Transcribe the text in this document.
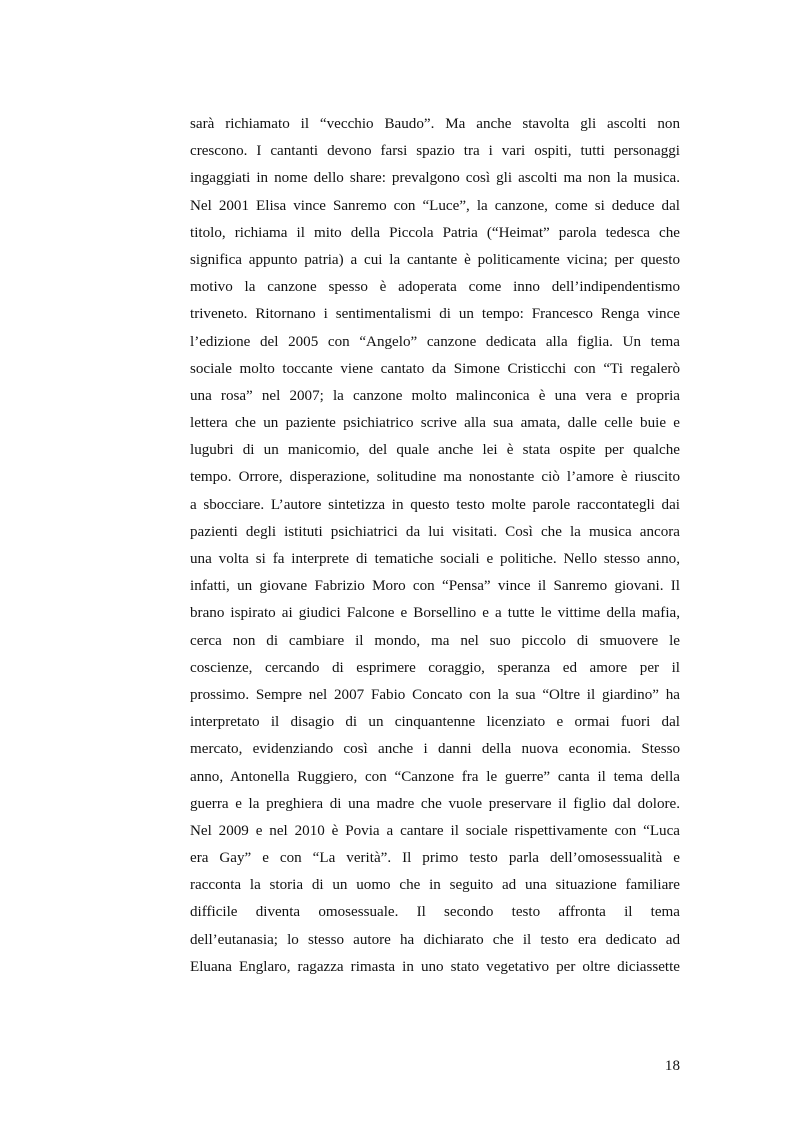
sarà richiamato il “vecchio Baudo”. Ma anche stavolta gli ascolti non
crescono. I cantanti devono farsi spazio tra i vari ospiti, tutti personaggi
ingaggiati in nome dello share: prevalgono così gli ascolti ma non la musica.
Nel 2001 Elisa vince Sanremo con “Luce”, la canzone, come si deduce dal
titolo, richiama il mito della Piccola Patria (“Heimat” parola tedesca che
significa appunto patria) a cui la cantante è politicamente vicina; per questo
motivo la canzone spesso è adoperata come inno dell’indipendentismo
triveneto. Ritornano i sentimentalismi di un tempo: Francesco Renga vince
l’edizione del 2005 con “Angelo” canzone dedicata alla figlia. Un tema
sociale molto toccante viene cantato da Simone Cristicchi con “Ti regalerò
una rosa” nel 2007; la canzone molto malinconica è una vera e propria
lettera che un paziente psichiatrico scrive alla sua amata, dalle celle buie e
lugubri di un manicomio, del quale anche lei è stata ospite per qualche
tempo. Orrore, disperazione, solitudine ma nonostante ciò l’amore è riuscito
a sbocciare. L’autore sintetizza in questo testo molte parole raccontategli dai
pazienti degli istituti psichiatrici da lui visitati. Così che la musica ancora
una volta si fa interprete di tematiche sociali e politiche. Nello stesso anno,
infatti, un giovane Fabrizio Moro con “Pensa” vince il Sanremo giovani. Il
brano ispirato ai giudici Falcone e Borsellino e a tutte le vittime della mafia,
cerca non di cambiare il mondo, ma nel suo piccolo di smuovere le
coscienze, cercando di esprimere coraggio, speranza ed amore per il
prossimo. Sempre nel 2007 Fabio Concato con la sua “Oltre il giardino” ha
interpretato il disagio di un cinquantenne licenziato e ormai fuori dal
mercato, evidenziando così anche i danni della nuova economia. Stesso
anno, Antonella Ruggiero, con “Canzone fra le guerre” canta il tema della
guerra e la preghiera di una madre che vuole preservare il figlio dal dolore.
Nel 2009 e nel 2010 è Povia a cantare il sociale rispettivamente con “Luca
era Gay” e con “La verità”. Il primo testo parla dell’omosessualità e
racconta la storia di un uomo che in seguito ad una situazione familiare
difficile diventa omosessuale. Il secondo testo affronta il tema
dell’eutanasia; lo stesso autore ha dichiarato che il testo era dedicato ad
Eluana Englaro, ragazza rimasta in uno stato vegetativo per oltre diciassette

18
